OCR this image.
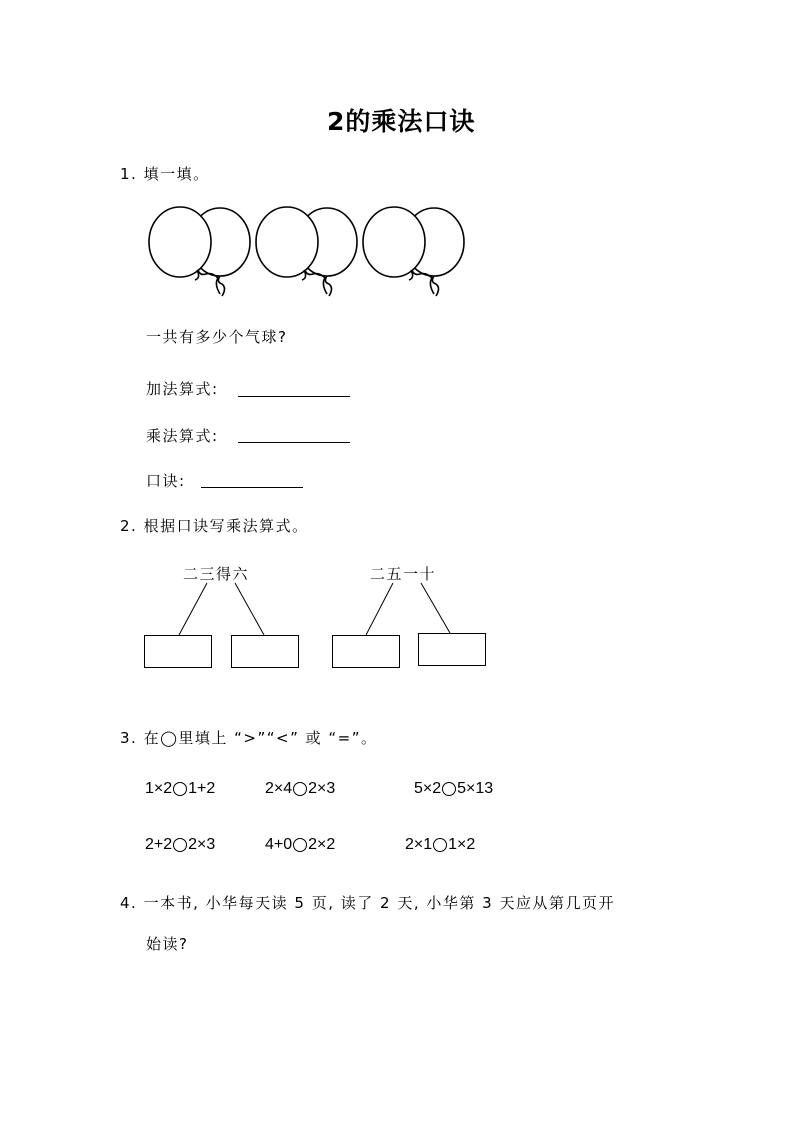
2的乘法口诀
1. 填一填。
一共有多少个气球?
加法算式:
乘法算式:
口诀:
2. 根据口诀写乘法算式。
二三得六	二五一十
3. 在◯里填上 “>”“<” 或 “=”。
1×2 1+2	2×4 2×3	5×2 5×13
2+2 2×3	4+0 2×2	2×1 1×2
4. 一本书, 小华每天读 5 页, 读了 2 天, 小华第 3 天应从第几页开
始读?
